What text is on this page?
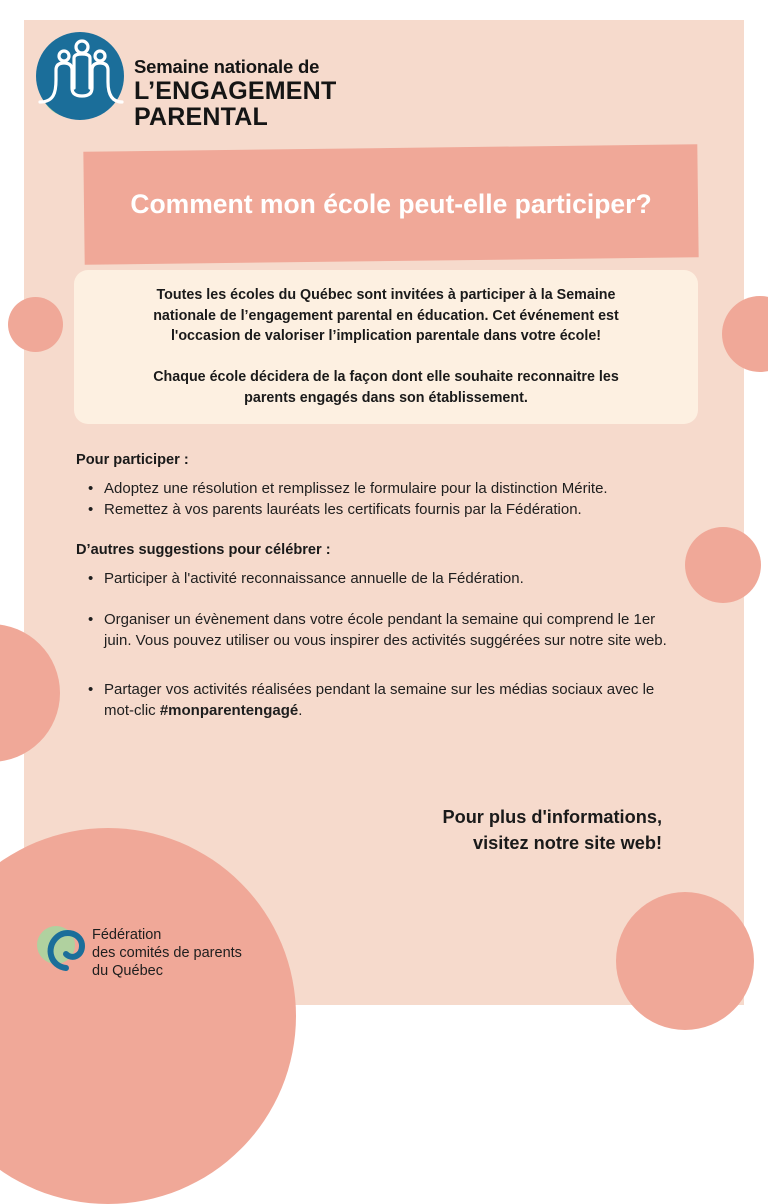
Semaine nationale de
L’ENGAGEMENT
PARENTAL
Comment mon école peut-elle participer?

Toutes les écoles du Québec sont invitées à participer à la Semaine nationale de l’engagement parental en éducation. Cet événement est l'occasion de valoriser l’implication parentale dans votre école!

Chaque école décidera de la façon dont elle souhaite reconnaitre les parents engagés dans son établissement.

Pour participer :
• Adoptez une résolution et remplissez le formulaire pour la distinction Mérite.
• Remettez à vos parents lauréats les certificats fournis par la Fédération.
D’autres suggestions pour célébrer :
• Participer à l'activité reconnaissance annuelle de la Fédération.
• Organiser un évènement dans votre école pendant la semaine qui comprend le 1er juin. Vous pouvez utiliser ou vous inspirer des activités suggérées sur notre site web.
• Partager vos activités réalisées pendant la semaine sur les médias sociaux avec le mot-clic #monparentengagé.

Pour plus d'informations,
visitez notre site web!

Fédération
des comités de parents
du Québec
